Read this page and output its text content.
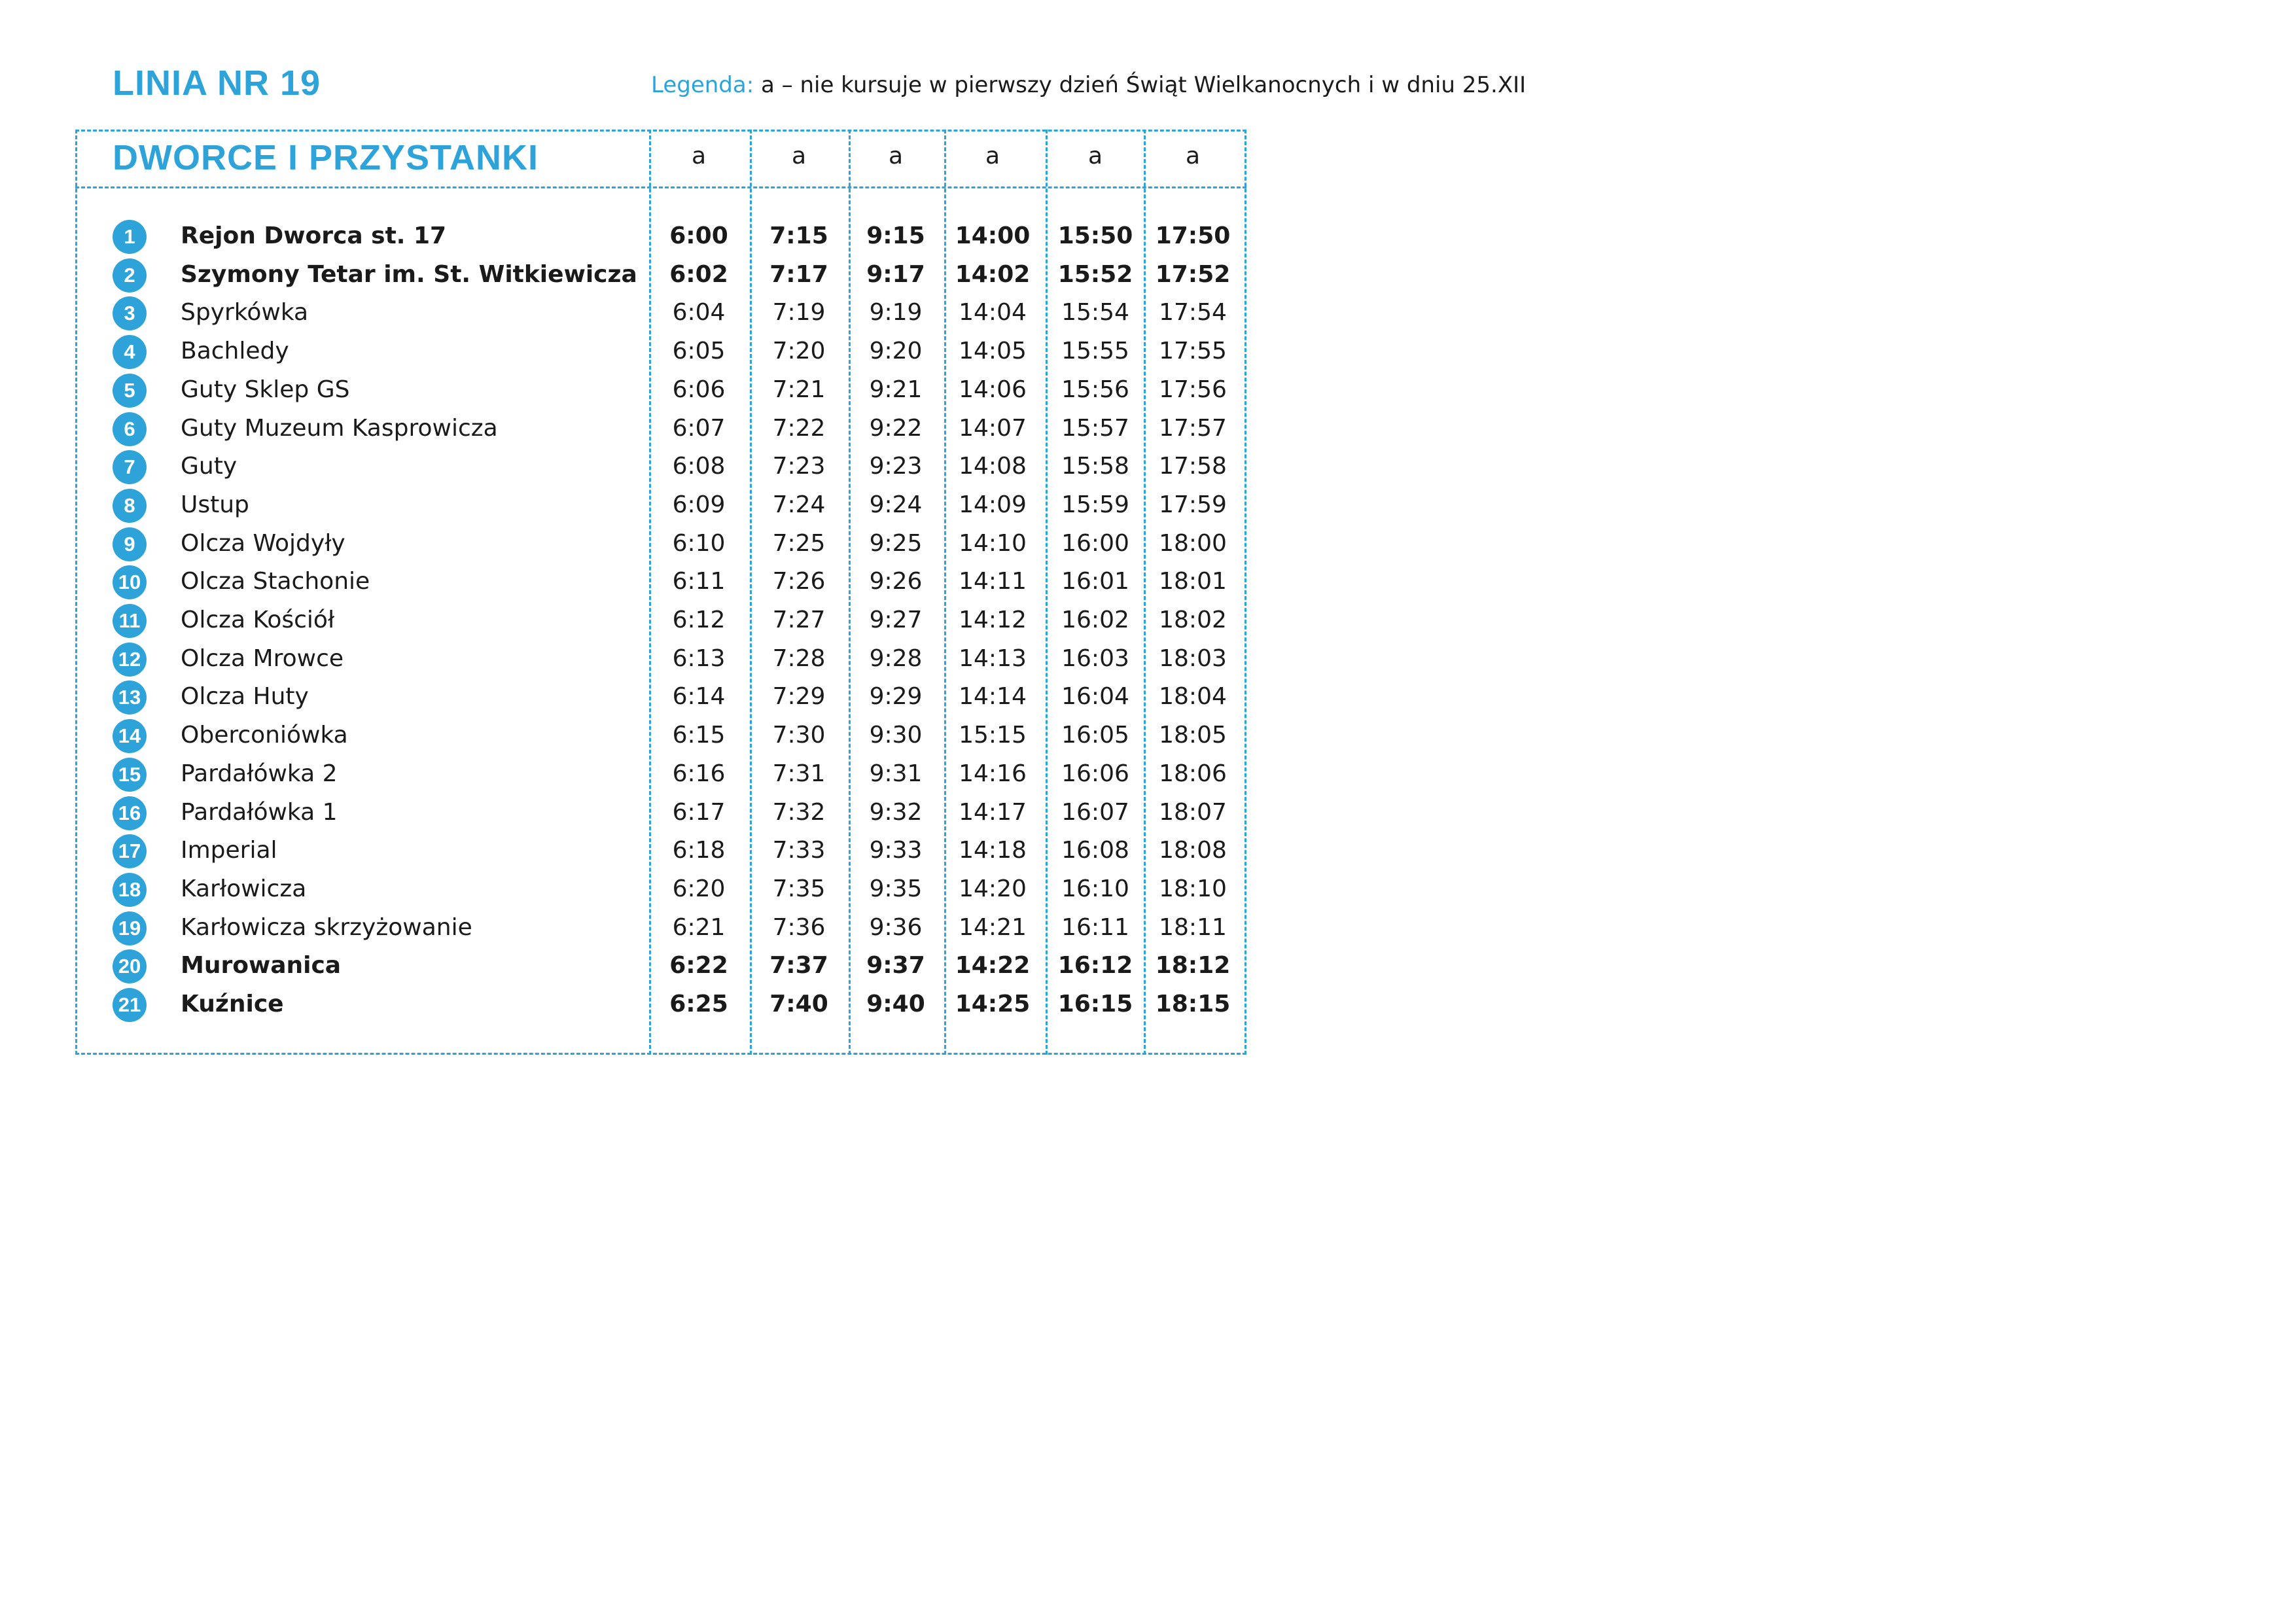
LINIA NR 19	Legenda: a – nie kursuje w pierwszy dzień Świąt Wielkanocnych i w dniu 25.XII
DWORCE I PRZYSTANKI	a	a	a	a	a	a
1	Rejon Dworca st. 17	6:00	7:15	9:15	14:00	15:50 17:50
2	Szymony Tetar im. St. Witkiewicza	6:02	7:17	9:17	14:02	15:52 17:52
3	Spyrkówka	6:04	7:19	9:19	14:04	15:54	17:54
4	Bachledy	6:05	7:20	9:20	14:05	15:55	17:55
5	Guty Sklep GS	6:06	7:21	9:21	14:06	15:56	17:56
6	Guty Muzeum Kasprowicza	6:07	7:22	9:22	14:07	15:57	17:57
7	Guty	6:08	7:23	9:23	14:08	15:58	17:58
8	Ustup	6:09	7:24	9:24	14:09	15:59	17:59
9	Olcza Wojdyły	6:10	7:25	9:25	14:10	16:00	18:00
10 Olcza Stachonie	6:11	7:26	9:26	14:11	16:01	18:01
11 Olcza Kościół	6:12	7:27	9:27	14:12	16:02	18:02
12 Olcza Mrowce	6:13	7:28	9:28	14:13	16:03	18:03
13 Olcza Huty	6:14	7:29	9:29	14:14	16:04	18:04
14 Oberconiówka	6:15	7:30	9:30	15:15	16:05	18:05
15 Pardałówka 2	6:16	7:31	9:31	14:16	16:06	18:06
16 Pardałówka 1	6:17	7:32	9:32	14:17	16:07	18:07
17 Imperial	6:18	7:33	9:33	14:18	16:08	18:08
18 Karłowicza	6:20	7:35	9:35	14:20	16:10	18:10
19 Karłowicza skrzyżowanie	6:21	7:36	9:36	14:21	16:11	18:11
20 Murowanica	6:22	7:37	9:37	14:22	16:12 18:12
21 Kuźnice	6:25	7:40	9:40	14:25	16:15 18:15
